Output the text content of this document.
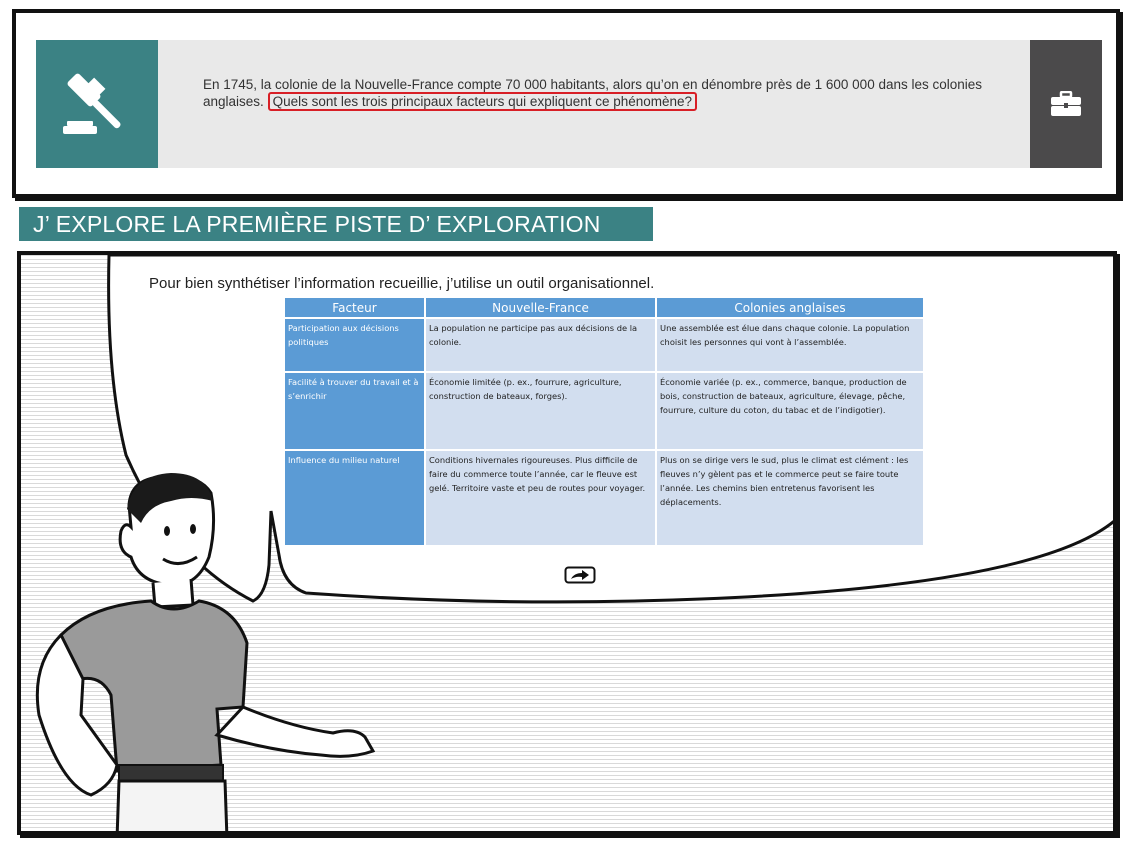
En 1745, la colonie de la Nouvelle-France compte 70 000 habitants, alors qu’on en dénombre près de 1 600 000 dans les colonies anglaises. Quels sont les trois principaux facteurs qui expliquent ce phénomène?
J’ EXPLORE LA PREMIÈRE PISTE D’ EXPLORATION
Pour bien synthétiser l’information recueillie, j’utilise un outil organisationnel.
Facteur	Nouvelle-France	Colonies anglaises
Participation aux décisions politiques	La population ne participe pas aux décisions de la colonie.	Une assemblée est élue dans chaque colonie. La population choisit les personnes qui vont à l’assemblée.
Facilité à trouver du travail et à s’enrichir	Économie limitée (p. ex., fourrure, agriculture, construction de bateaux, forges).	Économie variée (p. ex., commerce, banque, production de bois, construction de bateaux, agriculture, élevage, pêche, fourrure, culture du coton, du tabac et de l’indigotier).
Influence du milieu naturel	Conditions hivernales rigoureuses. Plus difficile de faire du commerce toute l’année, car le fleuve est gelé. Territoire vaste et peu de routes pour voyager.	Plus on se dirige vers le sud, plus le climat est clément : les fleuves n’y gèlent pas et le commerce peut se faire toute l’année. Les chemins bien entretenus favorisent les déplacements.
